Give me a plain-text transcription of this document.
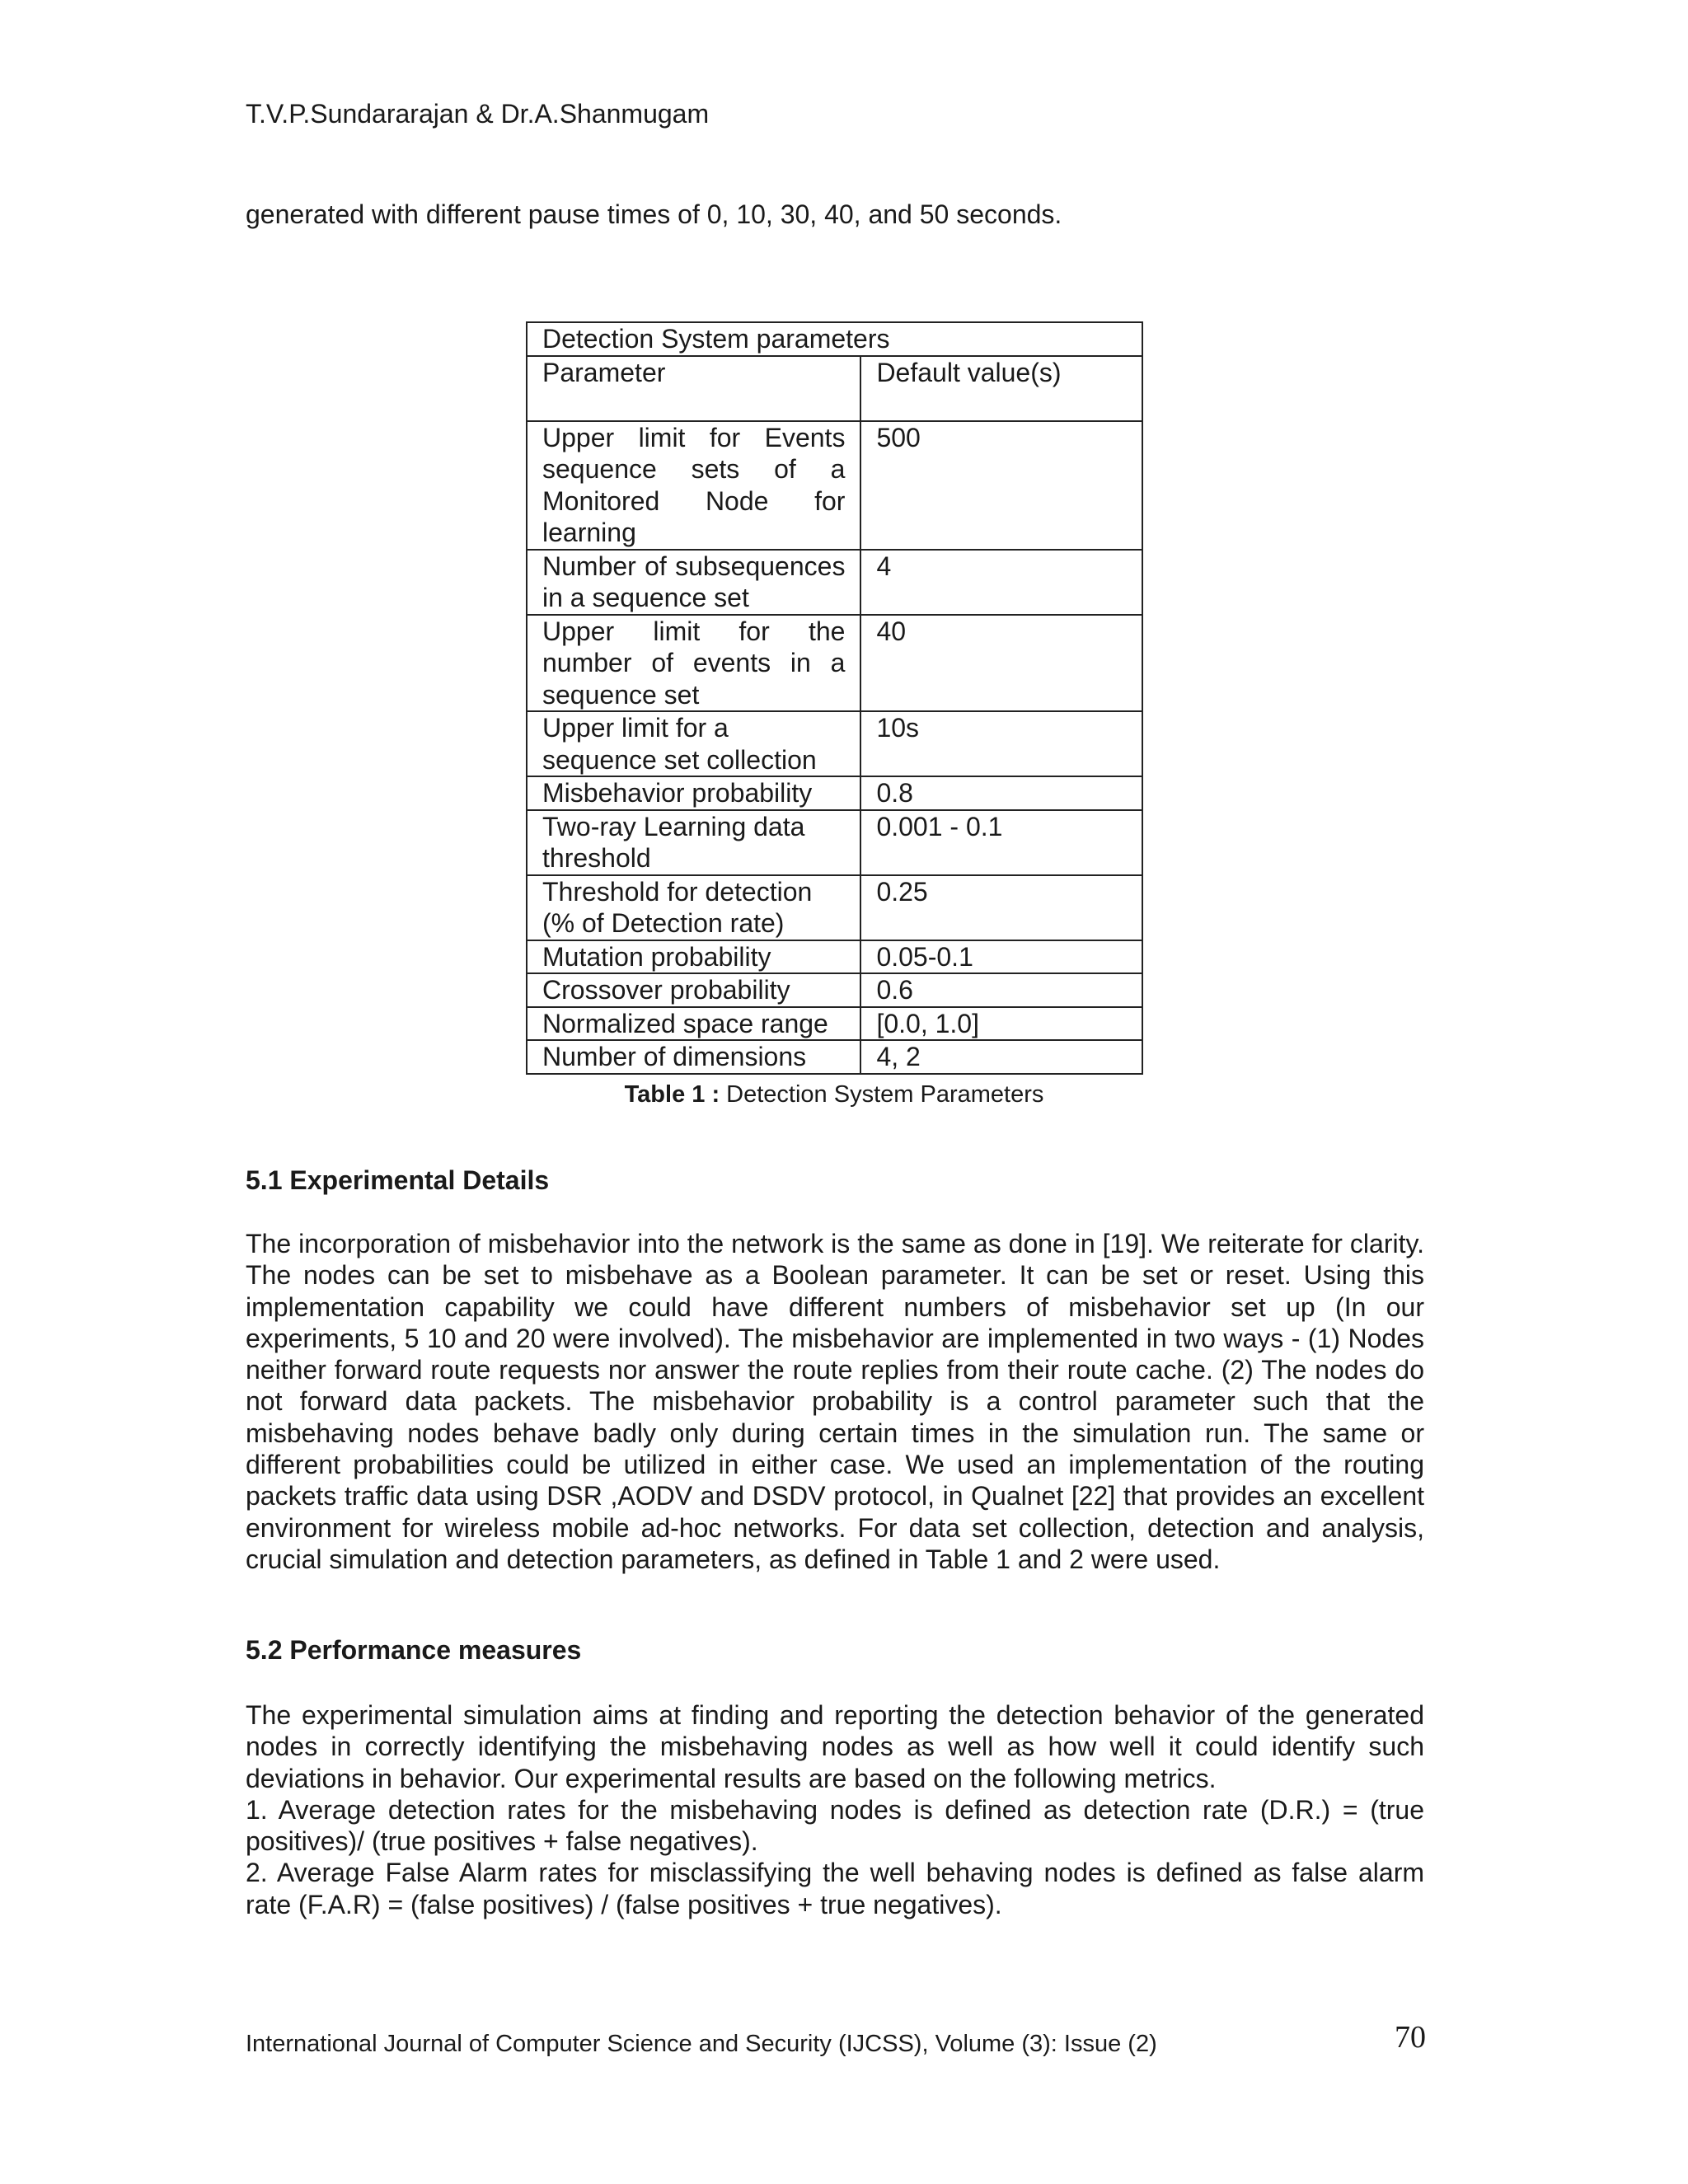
T.V.P.Sundararajan & Dr.A.Shanmugam
generated with different pause times of 0, 10, 30, 40, and 50 seconds.
Detection System parameters	
Parameter	Default value(s)
Upper limit for Events sequence sets of a Monitored Node for learning	500
Number of subsequences in a sequence set	4
Upper limit for the number of events in a sequence set	40
Upper limit for a sequence set collection	10s
Misbehavior probability	0.8
Two-ray Learning data threshold	0.001 - 0.1
Threshold for detection (% of Detection rate)	0.25
Mutation probability	0.05-0.1
Crossover probability	0.6
Normalized space range	[0.0, 1.0]
Number of dimensions	4, 2
Table 1 : Detection System Parameters
5.1 Experimental Details

The incorporation of misbehavior into the network is the same as done in [19]. We reiterate for clarity. The nodes can be set to misbehave as a Boolean parameter. It can be set or reset. Using this implementation capability we could have different numbers of misbehavior set up (In our experiments, 5 10 and 20 were involved). The misbehavior are implemented in two ways - (1) Nodes neither forward route requests nor answer the route replies from their route cache. (2) The nodes do not forward data packets. The misbehavior probability is a control parameter such that the misbehaving nodes behave badly only during certain times in the simulation run. The same or different probabilities could be utilized in either case. We used an implementation of the routing packets traffic data using DSR ,AODV and DSDV protocol, in Qualnet [22] that provides an excellent environment for wireless mobile ad-hoc networks. For data set collection, detection and analysis, crucial simulation and detection parameters, as defined in Table 1 and 2 were used.

5.2 Performance measures

The experimental simulation aims at finding and reporting the detection behavior of the generated nodes in correctly identifying the misbehaving nodes as well as how well it could identify such deviations in behavior. Our experimental results are based on the following metrics.

1. Average detection rates for the misbehaving nodes is defined as detection rate (D.R.) = (true positives)/ (true positives + false negatives).

2. Average False Alarm rates for misclassifying the well behaving nodes is defined as false alarm rate (F.A.R) = (false positives) / (false positives + true negatives).

International Journal of Computer Science and Security (IJCSS), Volume (3): Issue (2)	70
